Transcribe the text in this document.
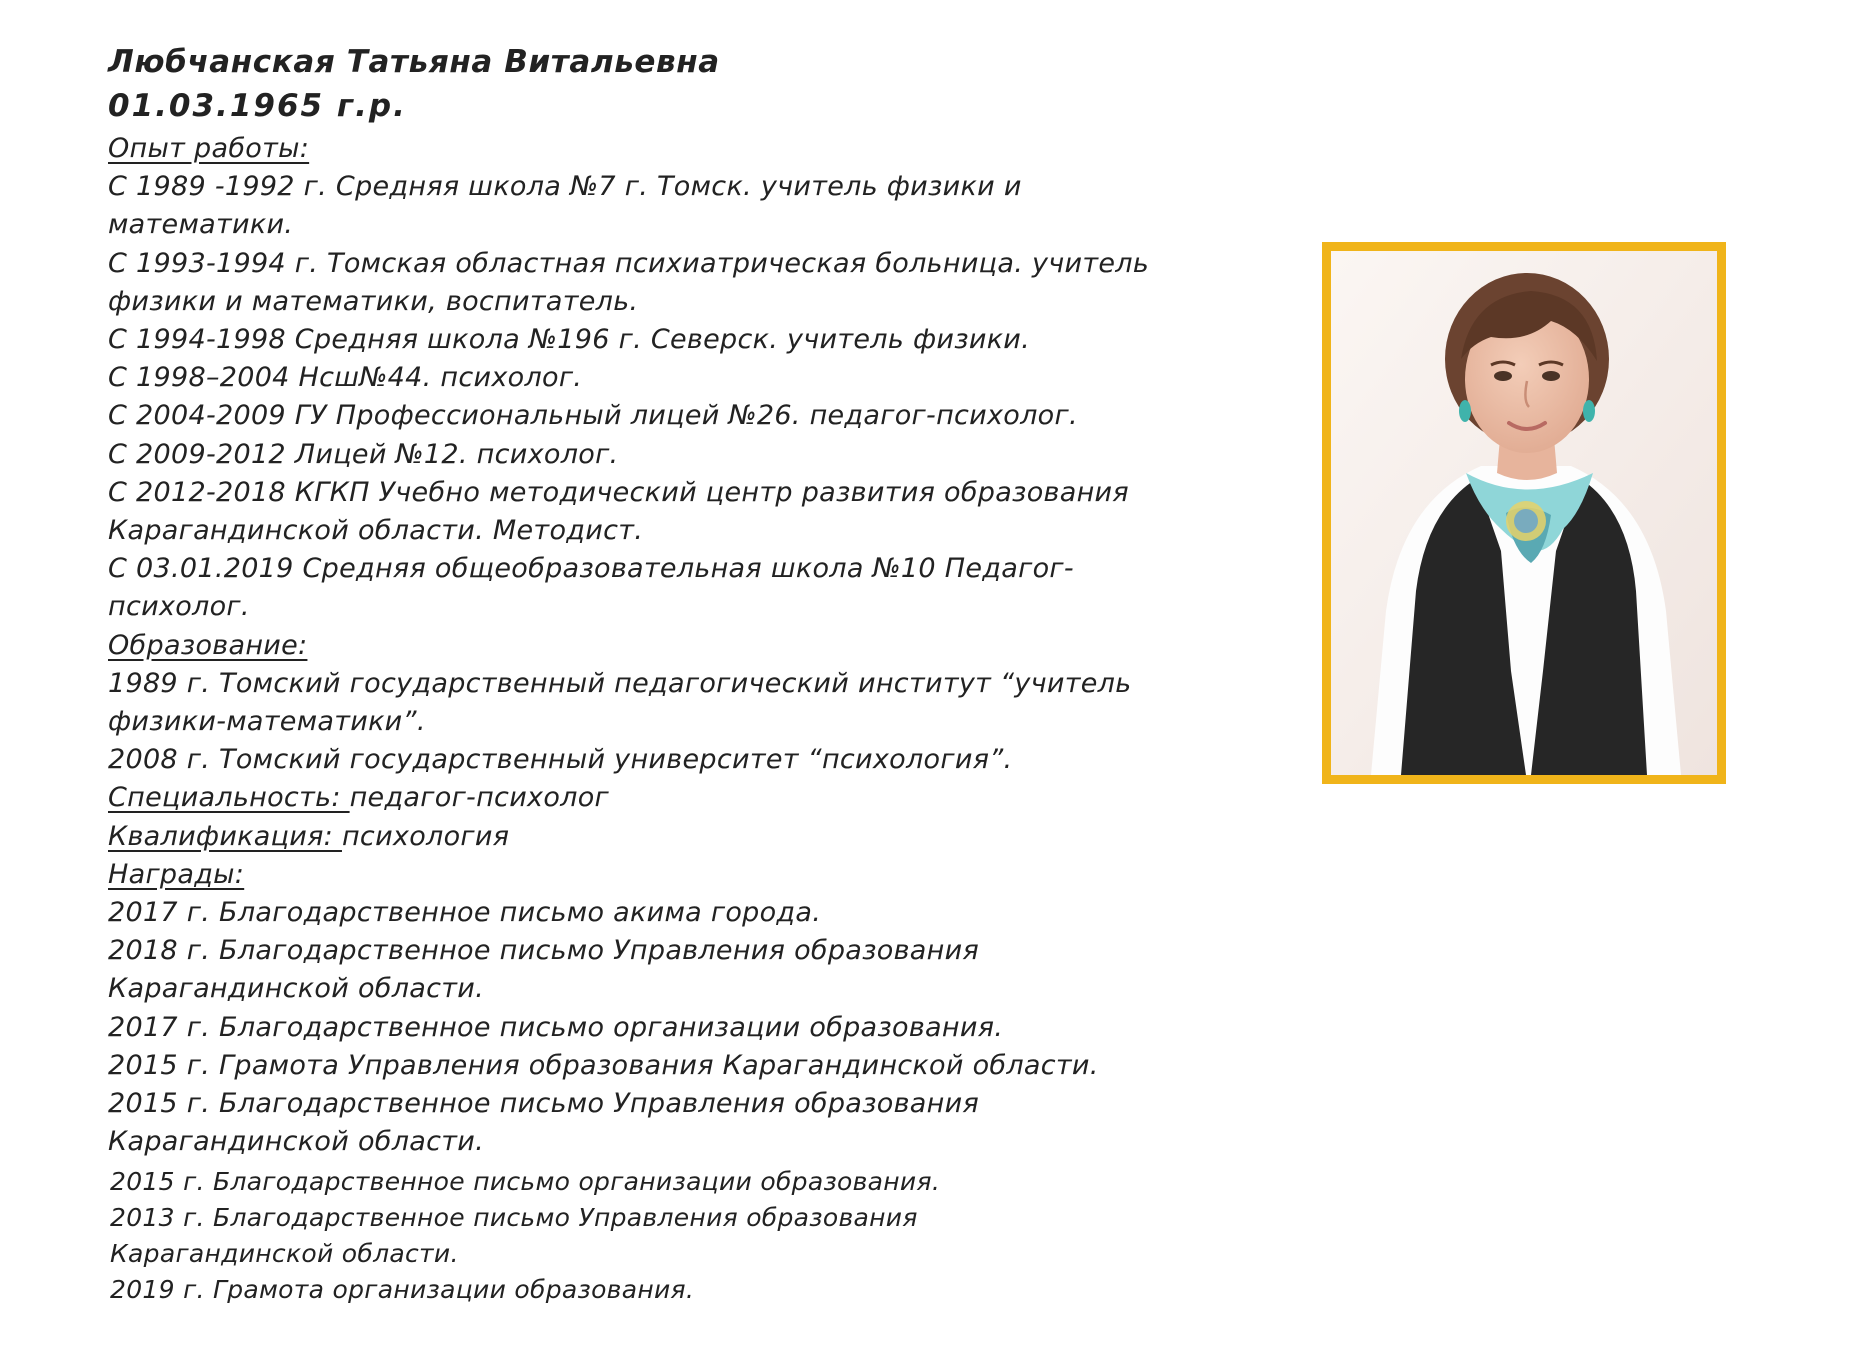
Любчанская Татьяна Витальевна
01.03.1965 г.р.
Опыт работы:
С 1989 -1992 г. Средняя школа №7 г. Томск. учитель физики и
математики.
С 1993-1994 г. Томская областная психиатрическая больница. учитель
физики и математики, воспитатель.
С 1994-1998 Средняя школа №196 г. Северск. учитель физики.
С 1998–2004 Нсш№44. психолог.
С 2004-2009 ГУ Профессиональный лицей №26. педагог-психолог.
С 2009-2012 Лицей №12. психолог.
С 2012-2018 КГКП Учебно методический центр развития образования
Карагандинской области. Методист.
С 03.01.2019 Средняя общеобразовательная школа №10 Педагог-
психолог.
Образование:
1989 г. Томский государственный педагогический институт “учитель
физики-математики”.
2008 г. Томский государственный университет “психология”.
Специальность: педагог-психолог
Квалификация: психология
Награды:
2017 г. Благодарственное письмо акима города.
2018 г. Благодарственное письмо Управления образования
Карагандинской области.
2017 г. Благодарственное письмо организации образования.
2015 г. Грамота Управления образования Карагандинской области.
2015 г. Благодарственное письмо Управления образования
Карагандинской области.
2015 г. Благодарственное письмо организации образования.
2013 г. Благодарственное письмо Управления образования
Карагандинской области.
2019 г. Грамота организации образования.
